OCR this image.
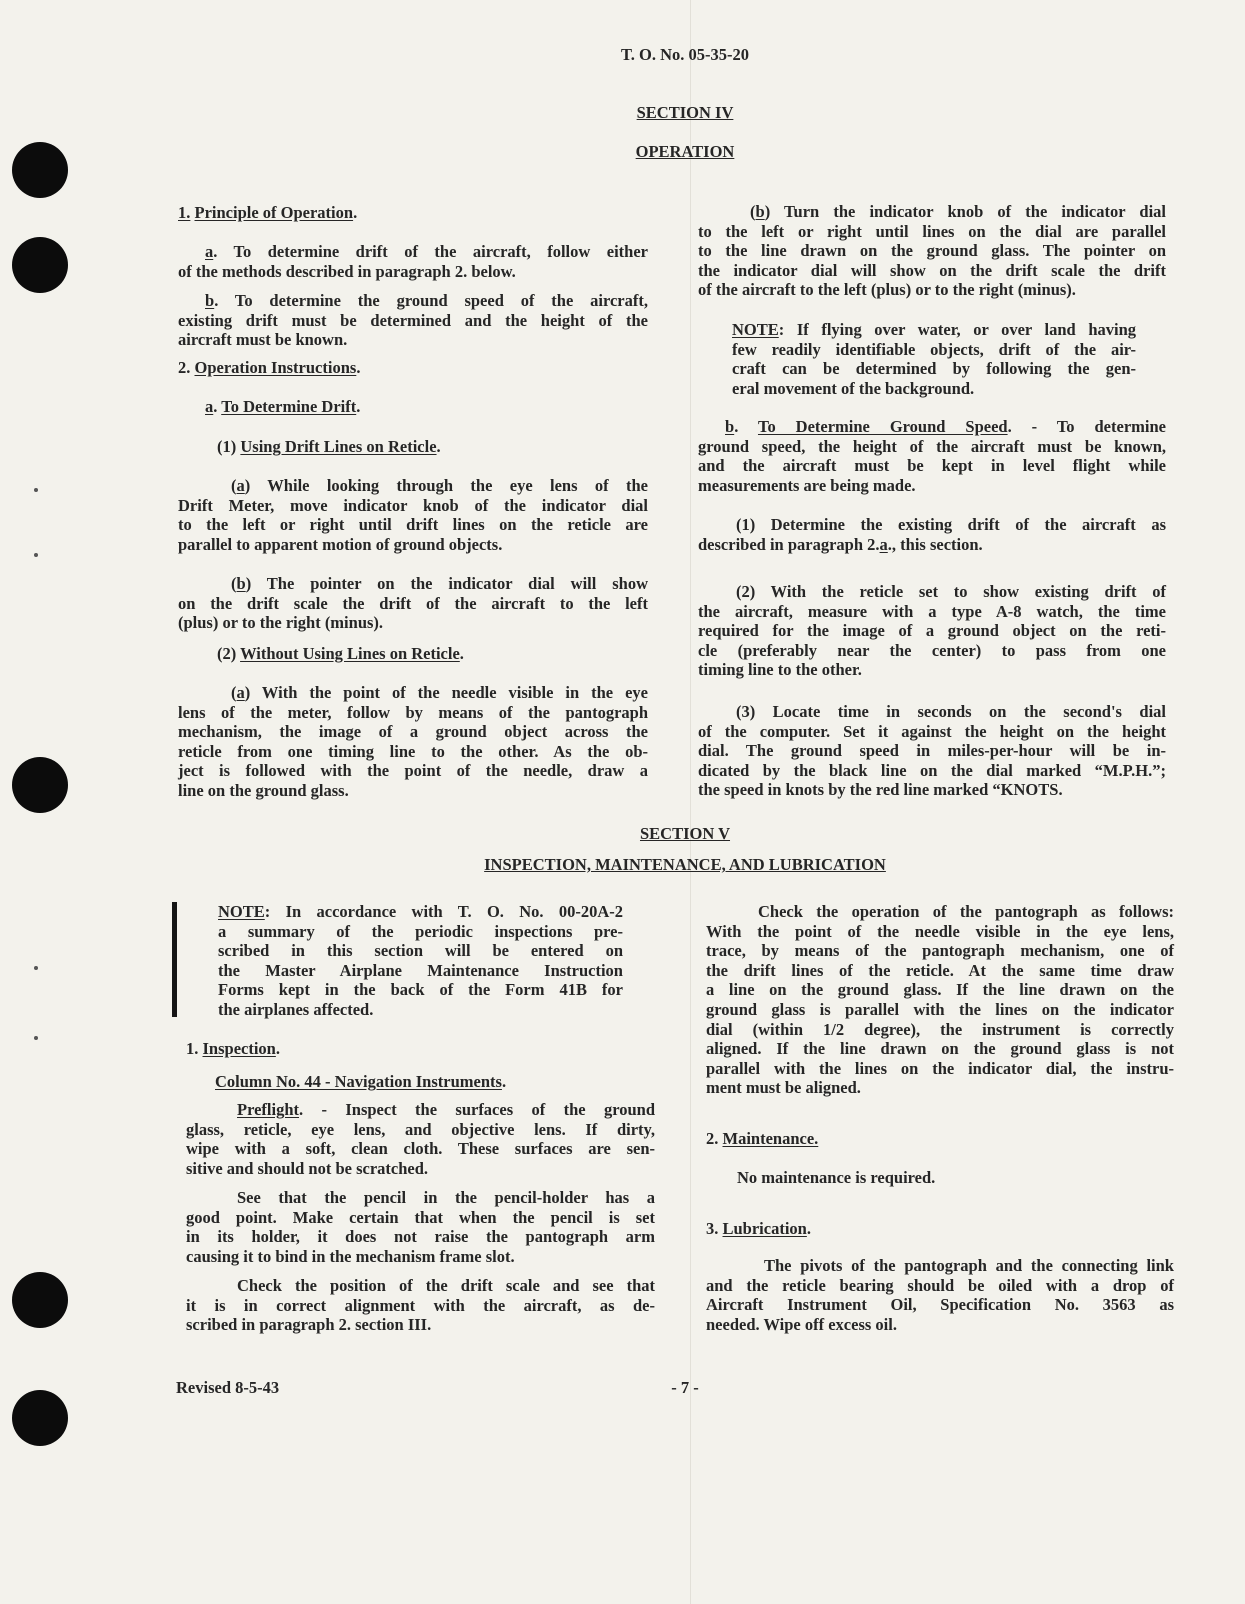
T. O. No. 05-35-20
SECTION IV
OPERATION
1. Principle of Operation.
a. To determine drift of the aircraft, follow either
of the methods described in paragraph 2. below.
b. To determine the ground speed of the aircraft,
existing drift must be determined and the height of the
aircraft must be known.
2. Operation Instructions.
a. To Determine Drift.
(1) Using Drift Lines on Reticle.
(a) While looking through the eye lens of the
Drift Meter, move indicator knob of the indicator dial
to the left or right until drift lines on the reticle are
parallel to apparent motion of ground objects.
(b) The pointer on the indicator dial will show
on the drift scale the drift of the aircraft to the left
(plus) or to the right (minus).
(2) Without Using Lines on Reticle.
(a) With the point of the needle visible in the eye
lens of the meter, follow by means of the pantograph
mechanism, the image of a ground object across the
reticle from one timing line to the other. As the ob-
ject is followed with the point of the needle, draw a
line on the ground glass.
(b) Turn the indicator knob of the indicator dial
to the left or right until lines on the dial are parallel
to the line drawn on the ground glass. The pointer on
the indicator dial will show on the drift scale the drift
of the aircraft to the left (plus) or to the right (minus).
NOTE: If flying over water, or over land having
few readily identifiable objects, drift of the air-
craft can be determined by following the gen-
eral movement of the background.
b. To Determine Ground Speed. - To determine
ground speed, the height of the aircraft must be known,
and the aircraft must be kept in level flight while
measurements are being made.
(1) Determine the existing drift of the aircraft as
described in paragraph 2.a., this section.
(2) With the reticle set to show existing drift of
the aircraft, measure with a type A-8 watch, the time
required for the image of a ground object on the reti-
cle (preferably near the center) to pass from one
timing line to the other.
(3) Locate time in seconds on the second's dial
of the computer. Set it against the height on the height
dial. The ground speed in miles-per-hour will be in-
dicated by the black line on the dial marked “M.P.H.”;
the speed in knots by the red line marked “KNOTS.
SECTION V
INSPECTION, MAINTENANCE, AND LUBRICATION
NOTE: In accordance with T. O. No. 00-20A-2
a summary of the periodic inspections pre-
scribed in this section will be entered on
the Master Airplane Maintenance Instruction
Forms kept in the back of the Form 41B for
the airplanes affected.
1. Inspection.
Column No. 44 - Navigation Instruments.
Preflight. - Inspect the surfaces of the ground
glass, reticle, eye lens, and objective lens. If dirty,
wipe with a soft, clean cloth. These surfaces are sen-
sitive and should not be scratched.
See that the pencil in the pencil-holder has a
good point. Make certain that when the pencil is set
in its holder, it does not raise the pantograph arm
causing it to bind in the mechanism frame slot.
Check the position of the drift scale and see that
it is in correct alignment with the aircraft, as de-
scribed in paragraph 2. section III.
Check the operation of the pantograph as follows:
With the point of the needle visible in the eye lens,
trace, by means of the pantograph mechanism, one of
the drift lines of the reticle. At the same time draw
a line on the ground glass. If the line drawn on the
ground glass is parallel with the lines on the indicator
dial (within 1/2 degree), the instrument is correctly
aligned. If the line drawn on the ground glass is not
parallel with the lines on the indicator dial, the instru-
ment must be aligned.
2. Maintenance.
No maintenance is required.
3. Lubrication.
The pivots of the pantograph and the connecting link
and the reticle bearing should be oiled with a drop of
Aircraft Instrument Oil, Specification No. 3563 as
needed. Wipe off excess oil.
Revised 8-5-43	- 7 -
